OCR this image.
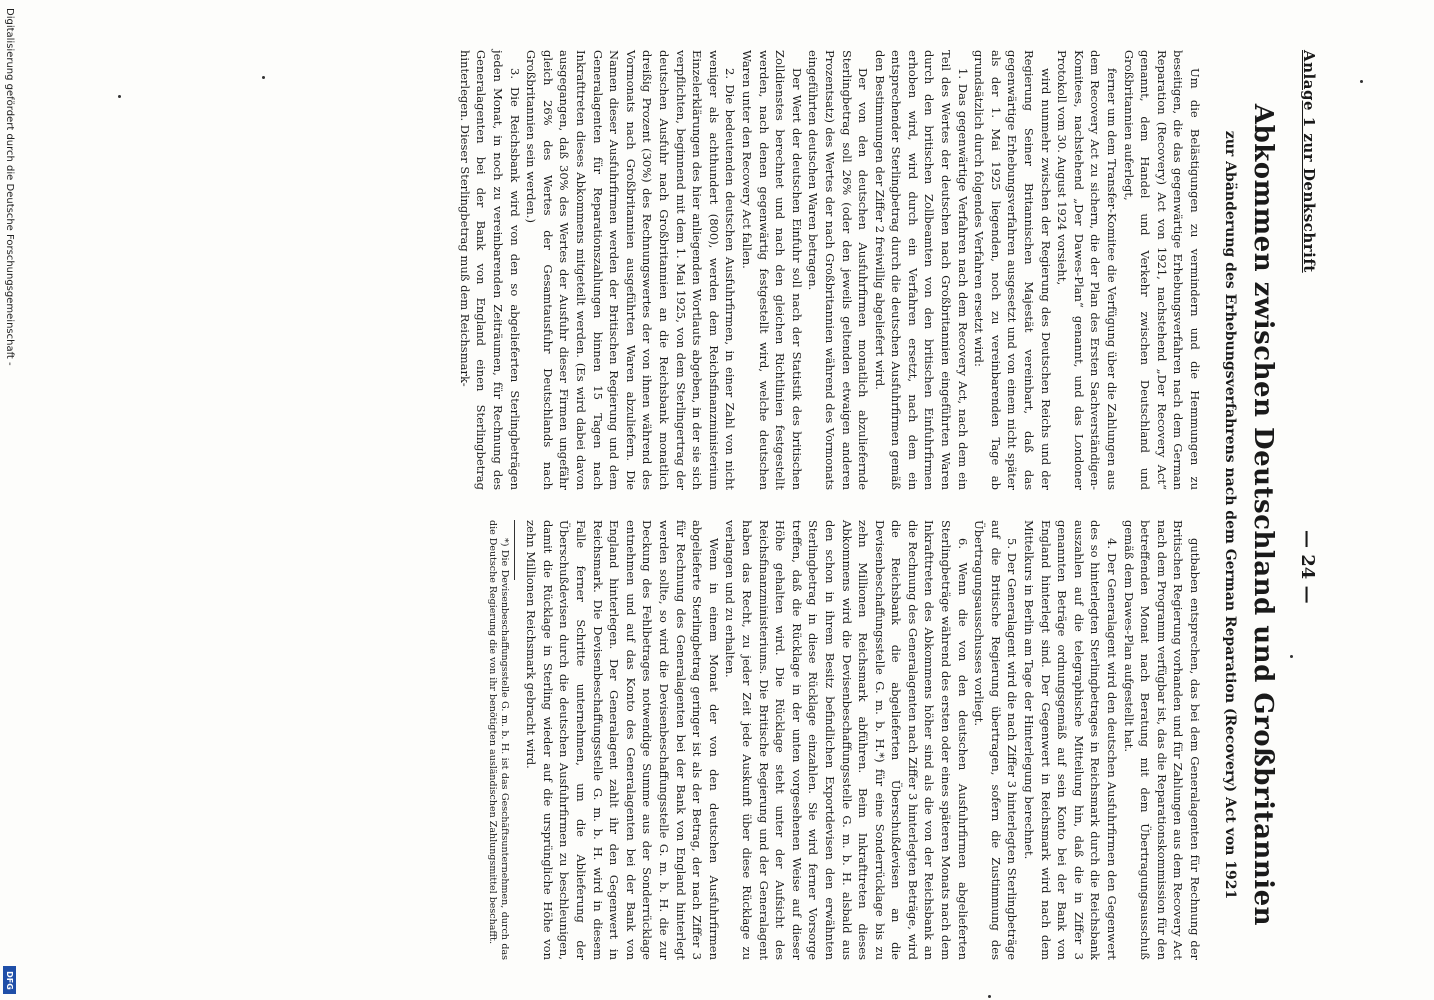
Digitalisierung gefördert durch die Deutsche Forschungsgemeinschaft -
DFG
Anlage 1 zur Denkschrift
— 24 —
Abkommen zwischen Deutschland und Großbritannien
zur Abänderung des Erhebungsverfahrens nach dem German Reparation (Recovery) Act von 1921

Um die Belästigungen zu vermindern und die Hemmungen zu beseitigen, die das gegenwärtige Erhebungsverfahren nach dem German Reparation (Recovery) Act von 1921, nachstehend „Der Recovery Act“ genannt, dem Handel und Verkehr zwischen Deutschland und Großbritannien auferlegt,

ferner um dem Transfer-Komitee die Verfügung über die Zahlungen aus dem Recovery Act zu sichern, die der Plan des Ersten Sachverständigen-Komitees, nachstehend „Der Dawes-Plan“ genannt, und das Londoner Protokoll vom 30. August 1924 vorsieht,

wird nunmehr zwischen der Regierung des Deutschen Reichs und der Regierung Seiner Britannischen Majestät vereinbart, daß das gegenwärtige Erhebungsverfahren ausgesetzt und von einem nicht später als der 1. Mai 1925 liegenden, noch zu vereinbarenden Tage ab grundsätzlich durch folgendes Verfahren ersetzt wird:

1. Das gegenwärtige Verfahren nach dem Recovery Act, nach dem ein Teil des Wertes der deutschen nach Großbritannien eingeführten Waren durch den britischen Zollbeamten von den britischen Einfuhrfirmen erhoben wird, wird durch ein Verfahren ersetzt, nach dem ein entsprechender Sterlingbetrag durch die deutschen Ausfuhrfirmen gemäß den Bestimmungen der Ziffer 2 freiwillig abgeliefert wird.

Der von den deutschen Ausfuhrfirmen monatlich abzuliefernde Sterlingbetrag soll 26% (oder den jeweils geltenden etwaigen anderen Prozentsatz) des Wertes der nach Großbritannien während des Vormonats eingeführten deutschen Waren betragen.

Der Wert der deutschen Einfuhr soll nach der Statistik des britischen Zolldienstes berechnet und nach den gleichen Richtlinien festgestellt werden, nach denen gegenwärtig festgestellt wird, welche deutschen Waren unter den Recovery Act fallen.

2. Die bedeutenden deutschen Ausfuhrfirmen, in einer Zahl von nicht weniger als achthundert (800), werden dem Reichsfinanzministerium Einzelerklärungen des hier anliegenden Wortlauts abgeben, in der sie sich verpflichten, beginnend mit dem 1. Mai 1925, von dem Sterlingertrag der deutschen Ausfuhr nach Großbritannien an die Reichsbank monatlich dreißig Prozent (30%) des Rechnungswertes der von ihnen während des Vormonats nach Großbritannien ausgeführten Waren abzuliefern. Die Namen dieser Ausfuhrfirmen werden der Britischen Regierung und dem Generalagenten für Reparationszahlungen binnen 15 Tagen nach Inkrafttreten dieses Abkommens mitgeteilt werden. (Es wird dabei davon ausgegangen, daß 30% des Wertes der Ausfuhr dieser Firmen ungefähr gleich 26% des Wertes der Gesamtausfuhr Deutschlands nach Großbritannien sein werden.)

3. Die Reichsbank wird von den so abgelieferten Sterlingbeträgen jeden Monat, in noch zu vereinbarenden Zeiträumen, für Rechnung des Generalagenten bei der Bank von England einen Sterlingbetrag hinterlegen. Dieser Sterlingbetrag muß dem Reichsmark-

gutbaben entsprechen, das bei dem Generalagenten für Rechnung der Britischen Regierung vorhanden und für Zahlungen aus dem Recovery Act nach dem Programm verfügbar ist, das die Reparationskommission für den betreffenden Monat nach Beratung mit dem Übertragungsausschuß gemäß dem Dawes-Plan aufgestellt hat.

4. Der Generalagent wird den deutschen Ausfuhrfirmen den Gegenwert des so hinterlegten Sterlingbetrages in Reichsmark durch die Reichsbank auszahlen auf die telegraphische Mitteilung hin, daß die in Ziffer 3 genannten Beträge ordnungsgemäß auf sein Konto bei der Bank von England hinterlegt sind. Der Gegenwert in Reichsmark wird nach dem Mittelkurs in Berlin am Tage der Hinterlegung berechnet.

5. Der Generalagent wird die nach Ziffer 3 hinterlegten Sterlingbeträge auf die Britische Regierung übertragen, sofern die Zustimmung des Übertragungsausschusses vorliegt.

6. Wenn die von den deutschen Ausfuhrfirmen abgelieferten Sterlingbeträge während des ersten oder eines späteren Monats nach dem Inkrafttreten des Abkommens höher sind als die von der Reichsbank an die Rechnung des Generalagenten nach Ziffer 3 hinterlegten Beträge, wird die Reichsbank die abgelieferten Überschußdevisen an die Devisenbeschaffungsstelle G. m. b. H.*) für eine Sonderrücklage bis zu zehn Millionen Reichsmark abführen. Beim Inkrafttreten dieses Abkommens wird die Devisenbeschaffungsstelle G. m. b. H. alsbald aus den schon in ihrem Besitz befindlichen Exportdevisen den erwähnten Sterlingbetrag in diese Rücklage einzahlen. Sie wird ferner Vorsorge treffen, daß die Rücklage in der unten vorgesehenen Weise auf dieser Höhe gehalten wird. Die Rücklage steht unter der Aufsicht des Reichsfinanzministeriums. Die Britische Regierung und der Generalagent haben das Recht, zu jeder Zeit jede Auskunft über diese Rücklage zu verlangen und zu erhalten.

Wenn in einem Monat der von den deutschen Ausfuhrfirmen abgelieferte Sterlingbetrag geringer ist als der Betrag, der nach Ziffer 3 für Rechnung des Generalagenten bei der Bank von England hinterlegt werden sollte, so wird die Devisenbeschaffungsstelle G. m. b. H. die zur Deckung des Fehlbetrages notwendige Summe aus der Sonderrücklage entnehmen und auf das Konto des Generalagenten bei der Bank von England hinterlegen. Der Generalagent zahlt ihr den Gegenwert in Reichsmark. Die Devisenbeschaffungsstelle G. m. b. H. wird in diesem Falle ferner Schritte unternehmen, um die Ablieferung der Überschußdevisen durch die deutschen Ausfuhrfirmen zu beschleunigen, damit die Rücklage in Sterling wieder auf die ursprüngliche Höhe von zehn Millionen Reichsmark gebracht wird.

*) Die Devisenbeschaffungsstelle G. m. b. H. ist das Geschäftsunternehmen, durch das die Deutsche Regierung die von ihr benötigten ausländischen Zahlungsmittel beschafft.
